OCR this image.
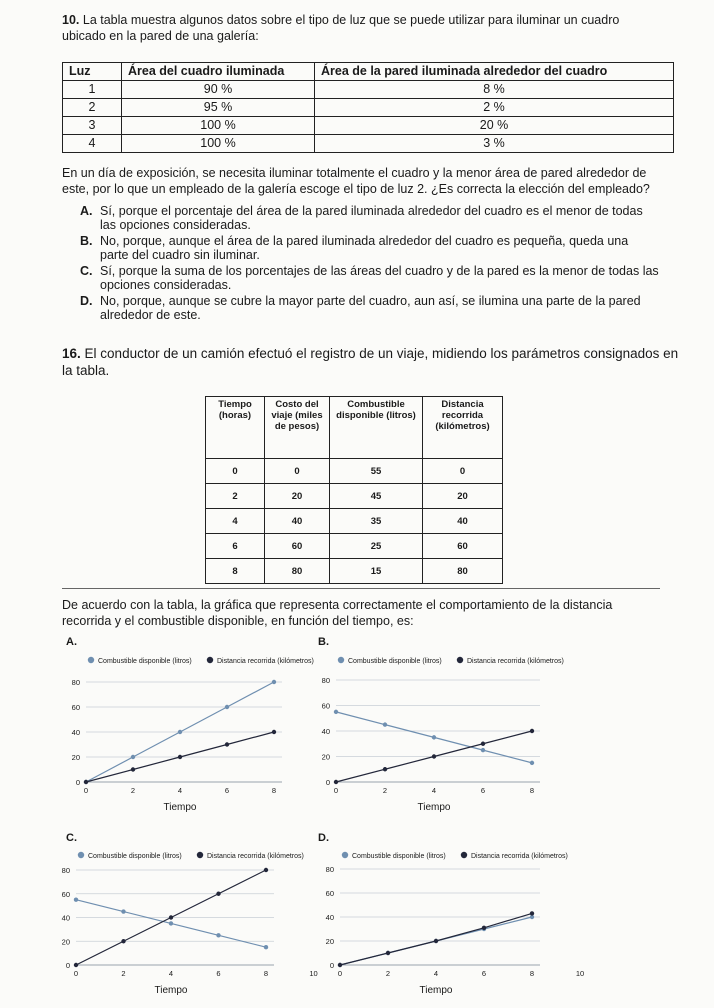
10. La tabla muestra algunos datos sobre el tipo de luz que se puede utilizar para iluminar un cuadro ubicado en la pared de una galería:
Luz	Área del cuadro iluminada	Área de la pared iluminada alrededor del cuadro
1	90 %	8 %
2	95 %	2 %
3	100 %	20 %
4	100 %	3 %
En un día de exposición, se necesita iluminar totalmente el cuadro y la menor área de pared alrededor de este, por lo que un empleado de la galería escoge el tipo de luz 2. ¿Es correcta la elección del empleado?
A. Sí, porque el porcentaje del área de la pared iluminada alrededor del cuadro es el menor de todas las opciones consideradas.
B. No, porque, aunque el área de la pared iluminada alrededor del cuadro es pequeña, queda una parte del cuadro sin iluminar.
C. Sí, porque la suma de los porcentajes de las áreas del cuadro y de la pared es la menor de todas las opciones consideradas.
D. No, porque, aunque se cubre la mayor parte del cuadro, aun así, se ilumina una parte de la pared alrededor de este.
16. El conductor de un camión efectuó el registro de un viaje, midiendo los parámetros consignados en la tabla.
Tiempo (horas)	Costo del viaje (miles de pesos)	Combustible disponible (litros)	Distancia recorrida (kilómetros)
0	0	55	0
2	20	45	20
4	40	35	40
6	60	25	60
8	80	15	80
De acuerdo con la tabla, la gráfica que representa correctamente el comportamiento de la distancia recorrida y el combustible disponible, en función del tiempo, es:
A.	B.
C.	D.
Combustible disponible (litros)	Distancia recorrida (kilómetros)
0
20
40
60
80
0	2	4	6	8
Tiempo
Combustible disponible (litros)	Distancia recorrida (kilómetros)
0
20
40
60
80
0	2	4	6	8
Tiempo
Combustible disponible (litros)	Distancia recorrida (kilómetros)
0
20
40
60
80
0	2	4	6	8	10
Tiempo
Combustible disponible (litros)	Distancia recorrida (kilómetros)
0
20
40
60
80
0	2	4	6	8	10
Tiempo
